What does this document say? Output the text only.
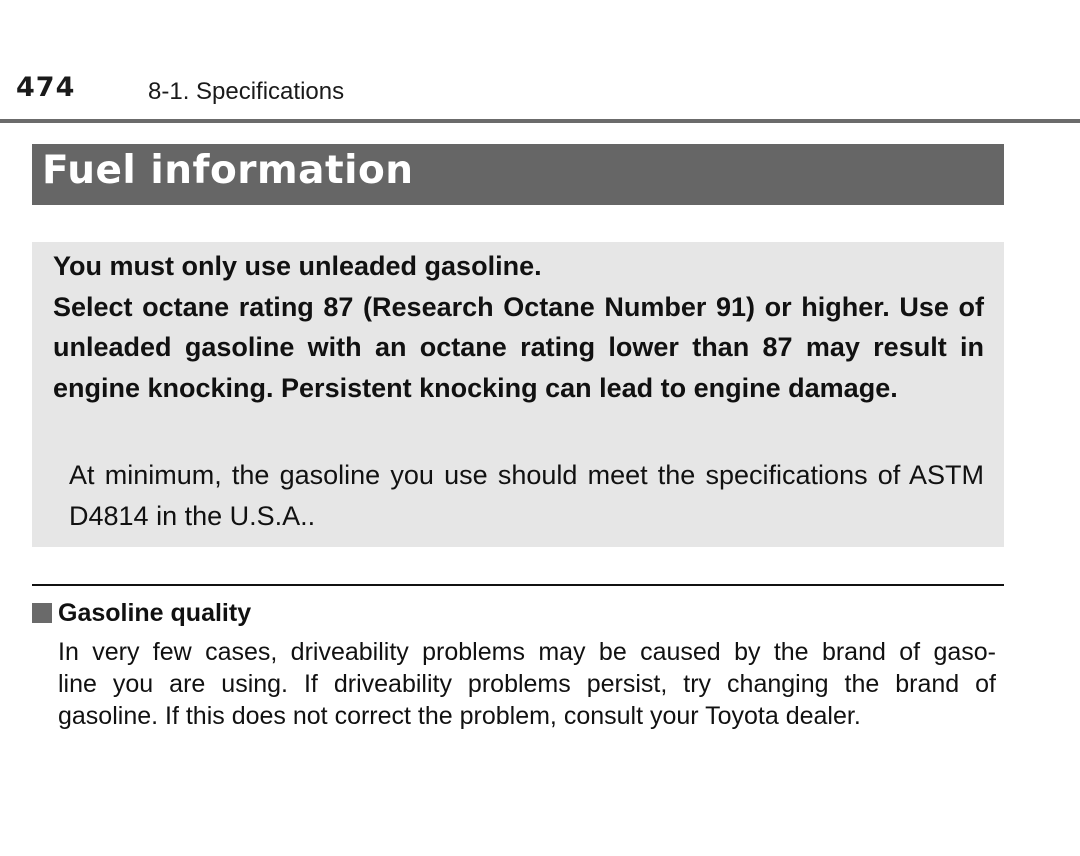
474	8-1. Specifications
Fuel information

You must only use unleaded gasoline.

Select octane rating 87 (Research Octane Number 91) or higher. Use of unleaded gasoline with an octane rating lower than 87 may result in engine knocking. Persistent knocking can lead to engine damage.

At minimum, the gasoline you use should meet the specifications of ASTM D4814 in the U.S.A..

Gasoline quality
In very few cases, driveability problems may be caused by the brand of gaso-
line you are using. If driveability problems persist, try changing the brand of
gasoline. If this does not correct the problem, consult your Toyota dealer.
